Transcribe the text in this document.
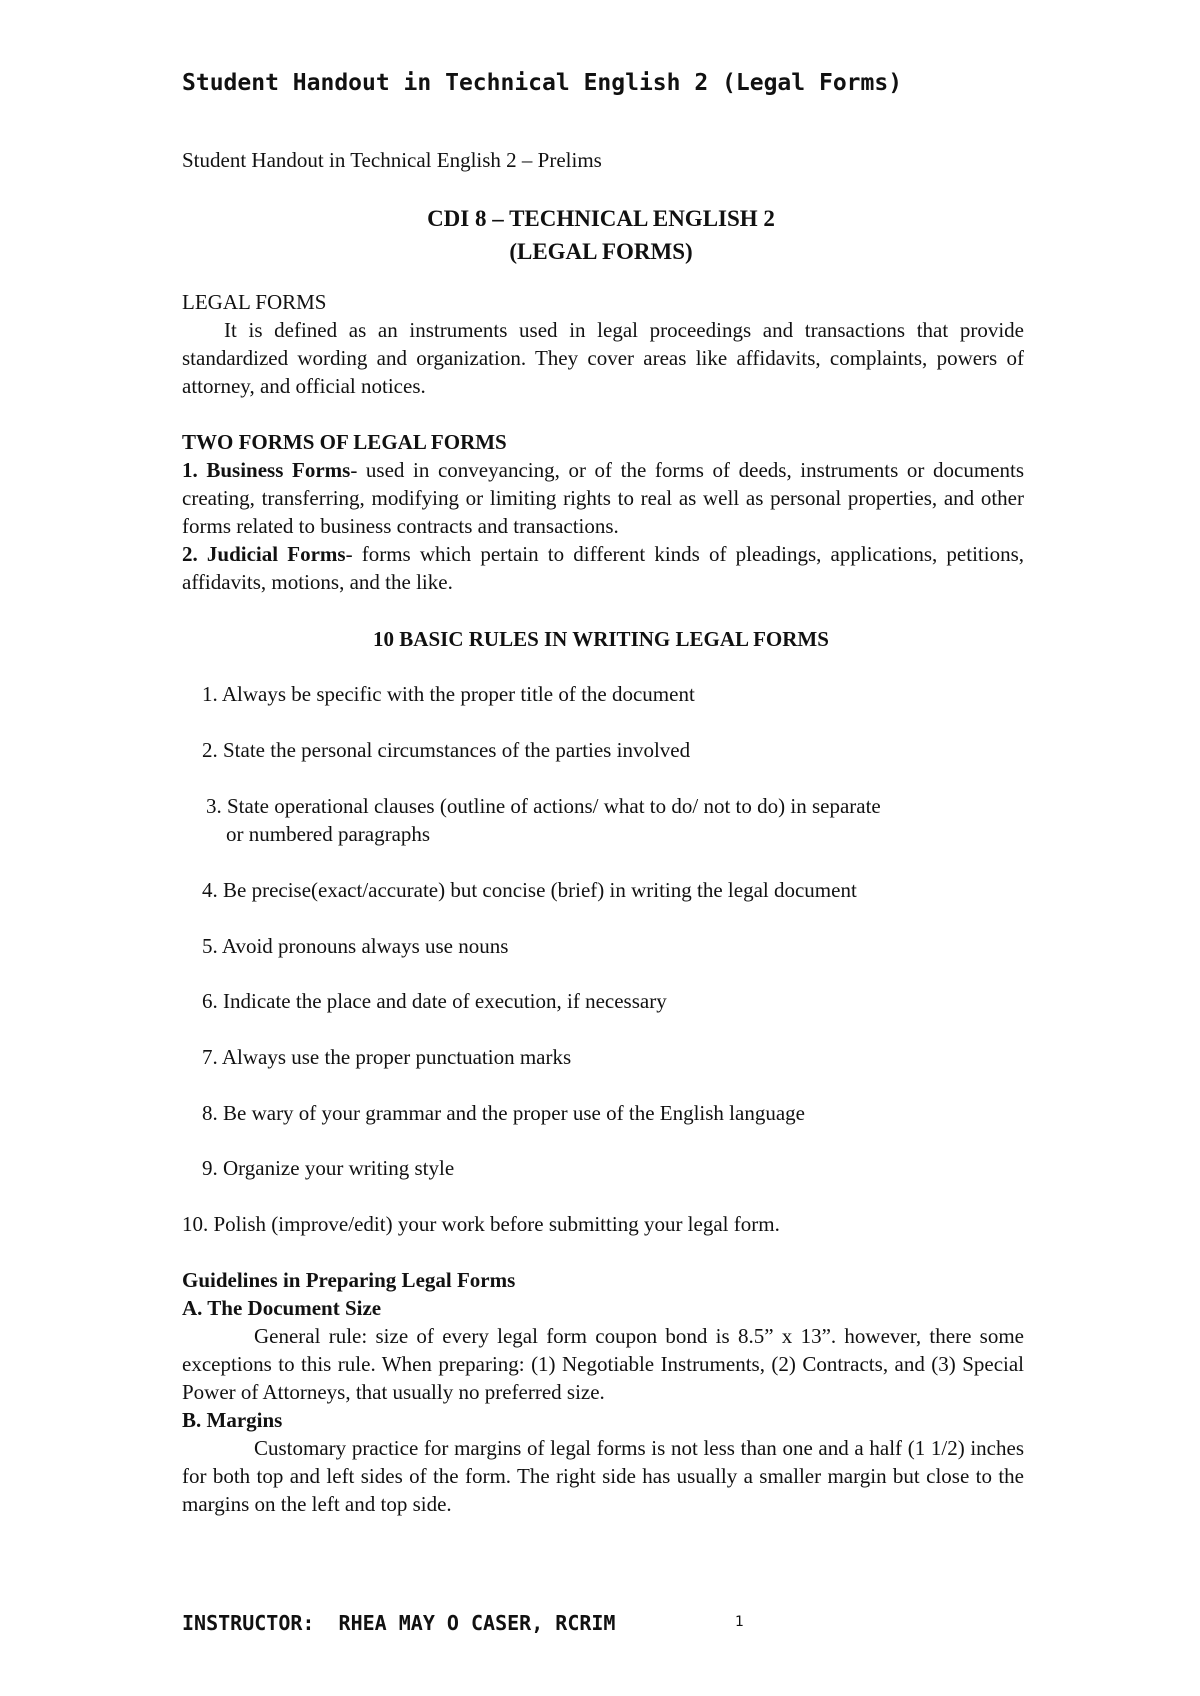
Student Handout in Technical English 2 (Legal Forms)
Student Handout in Technical English 2 – Prelims
CDI 8 – TECHNICAL ENGLISH 2
(LEGAL FORMS)
LEGAL FORMS
It is defined as an instruments used in legal proceedings and transactions that provide standardized wording and organization. They cover areas like affidavits, complaints, powers of attorney, and official notices.
TWO FORMS OF LEGAL FORMS
1. Business Forms- used in conveyancing, or of the forms of deeds, instruments or documents creating, transferring, modifying or limiting rights to real as well as personal properties, and other forms related to business contracts and transactions.
2. Judicial Forms- forms which pertain to different kinds of pleadings, applications, petitions, affidavits, motions, and the like.
10 BASIC RULES IN WRITING LEGAL FORMS
1. Always be specific with the proper title of the document
2. State the personal circumstances of the parties involved
3. State operational clauses (outline of actions/ what to do/ not to do) in separate
or numbered paragraphs
4. Be precise(exact/accurate) but concise (brief) in writing the legal document
5. Avoid pronouns always use nouns
6. Indicate the place and date of execution, if necessary
7. Always use the proper punctuation marks
8. Be wary of your grammar and the proper use of the English language
9. Organize your writing style
10. Polish (improve/edit) your work before submitting your legal form.
Guidelines in Preparing Legal Forms
A. The Document Size
General rule: size of every legal form coupon bond is 8.5” x 13”. however, there some exceptions to this rule. When preparing: (1) Negotiable Instruments, (2) Contracts, and (3) Special Power of Attorneys, that usually no preferred size.
B. Margins
Customary practice for margins of legal forms is not less than one and a half (1 1/2) inches for both top and left sides of the form. The right side has usually a smaller margin but close to the margins on the left and top side.
INSTRUCTOR:  RHEA MAY O CASER, RCRIM	1
